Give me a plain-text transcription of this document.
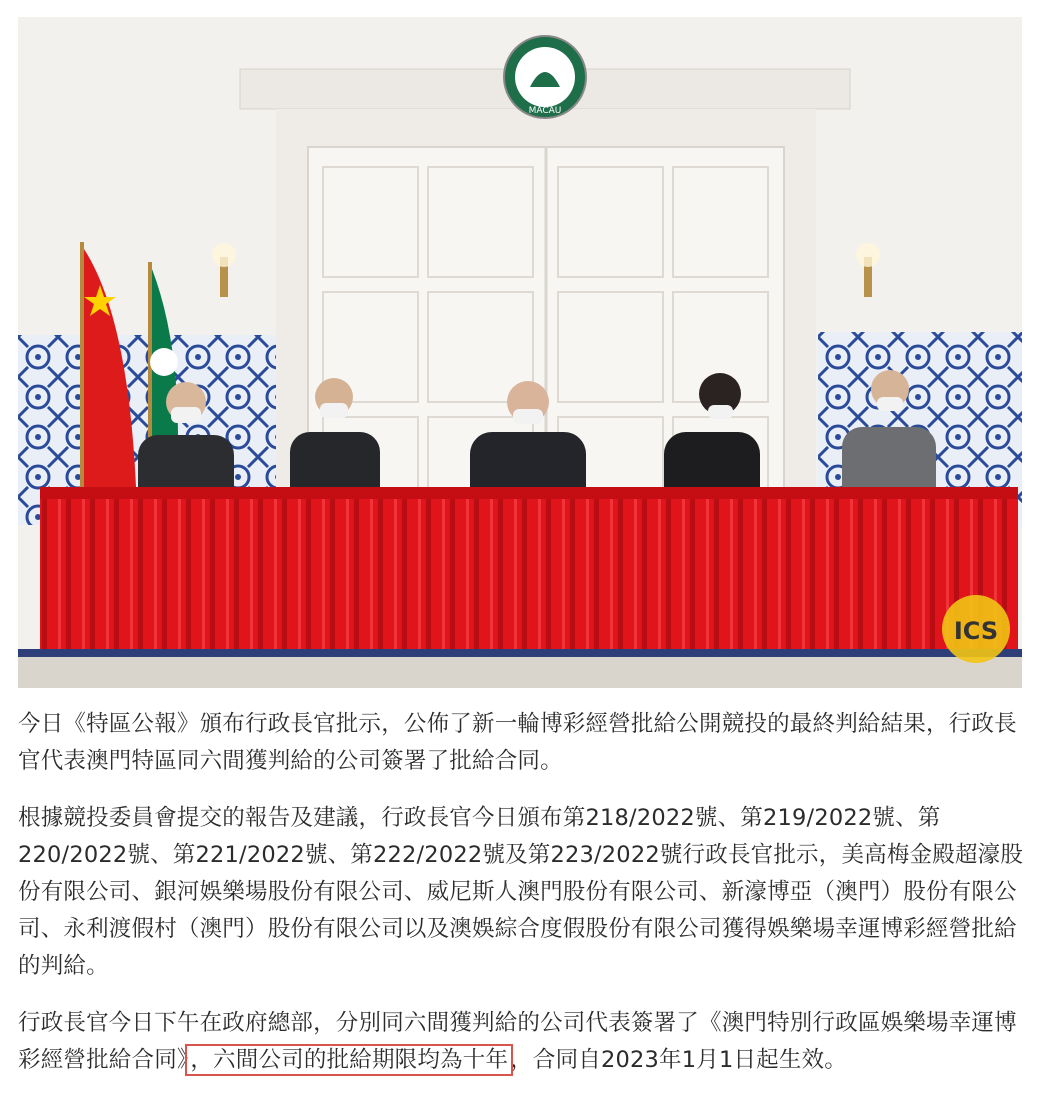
MACAU
ICS

今日《特區公報》頒布行政長官批示，公佈了新一輪博彩經營批給公開競投的最終判給結果，行政長官代表澳門特區同六間獲判給的公司簽署了批給合同。

根據競投委員會提交的報告及建議，行政長官今日頒布第218/2022號、第219/2022號、第220/2022號、第221/2022號、第222/2022號及第223/2022號行政長官批示，美高梅金殿超濠股份有限公司、銀河娛樂場股份有限公司、威尼斯人澳門股份有限公司、新濠博亞（澳門）股份有限公司、永利渡假村（澳門）股份有限公司以及澳娛綜合度假股份有限公司獲得娛樂場幸運博彩經營批給的判給。

行政長官今日下午在政府總部，分別同六間獲判給的公司代表簽署了《澳門特別行政區娛樂場幸運博彩經營批給合同》，六間公司的批給期限均為十年，合同自2023年1月1日起生效。
